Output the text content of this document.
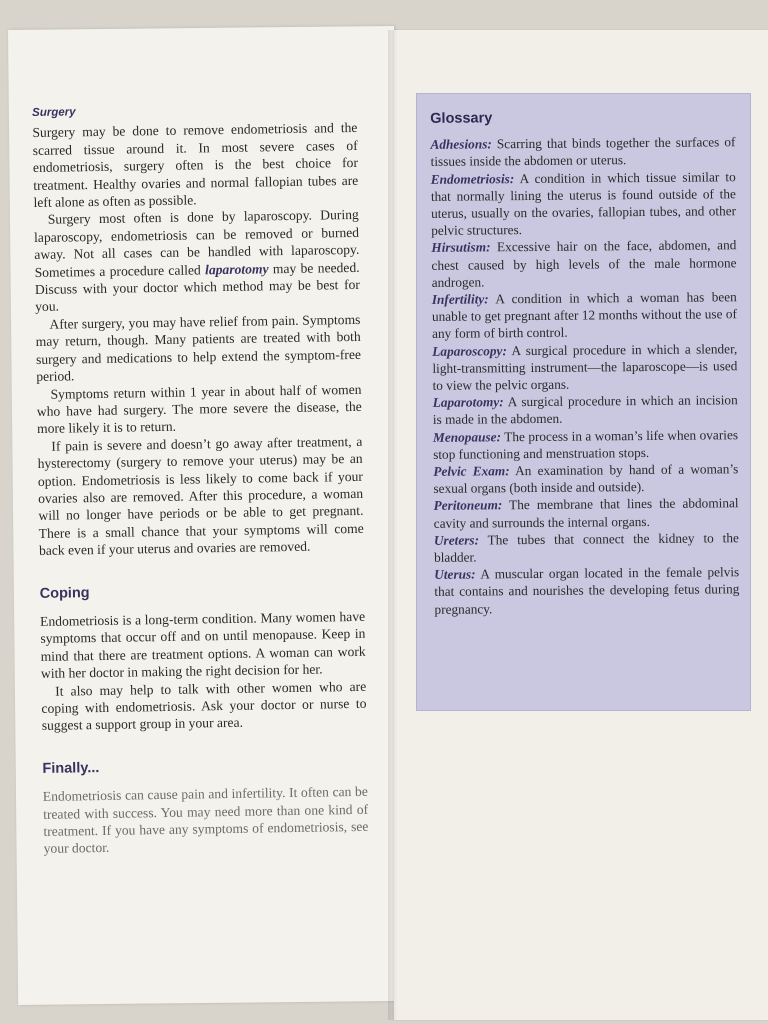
Surgery

Surgery may be done to remove endometriosis and the scarred tissue around it. In most severe cases of endometriosis, surgery often is the best choice for treatment. Healthy ovaries and normal fallopian tubes are left alone as often as possible.

Surgery most often is done by laparoscopy. During laparoscopy, endometriosis can be removed or burned away. Not all cases can be handled with laparoscopy. Sometimes a procedure called laparotomy may be needed. Discuss with your doctor which method may be best for you.

After surgery, you may have relief from pain. Symptoms may return, though. Many patients are treated with both surgery and medications to help extend the symptom-free period.

Symptoms return within 1 year in about half of women who have had surgery. The more severe the disease, the more likely it is to return.

If pain is severe and doesn’t go away after treatment, a hysterectomy (surgery to remove your uterus) may be an option. Endometriosis is less likely to come back if your ovaries also are removed. After this procedure, a woman will no longer have periods or be able to get pregnant. There is a small chance that your symptoms will come back even if your uterus and ovaries are removed.

Coping

Endometriosis is a long-term condition. Many women have symptoms that occur off and on until menopause. Keep in mind that there are treatment options. A woman can work with her doctor in making the right decision for her.

It also may help to talk with other women who are coping with endometriosis. Ask your doctor or nurse to suggest a support group in your area.

Finally...

Endometriosis can cause pain and infertility. It often can be treated with success. You may need more than one kind of treatment. If you have any symptoms of endometriosis, see your doctor.

Glossary

Adhesions: Scarring that binds together the surfaces of tissues inside the abdomen or uterus.

Endometriosis: A condition in which tissue similar to that normally lining the uterus is found outside of the uterus, usually on the ovaries, fallopian tubes, and other pelvic structures.

Hirsutism: Excessive hair on the face, abdomen, and chest caused by high levels of the male hormone androgen.

Infertility: A condition in which a woman has been unable to get pregnant after 12 months without the use of any form of birth control.

Laparoscopy: A surgical procedure in which a slender, light-transmitting instrument—the laparoscope—is used to view the pelvic organs.

Laparotomy: A surgical procedure in which an incision is made in the abdomen.

Menopause: The process in a woman’s life when ovaries stop functioning and menstruation stops.

Pelvic Exam: An examination by hand of a woman’s sexual organs (both inside and outside).

Peritoneum: The membrane that lines the abdominal cavity and surrounds the internal organs.

Ureters: The tubes that connect the kidney to the bladder.

Uterus: A muscular organ located in the female pelvis that contains and nourishes the developing fetus during pregnancy.
